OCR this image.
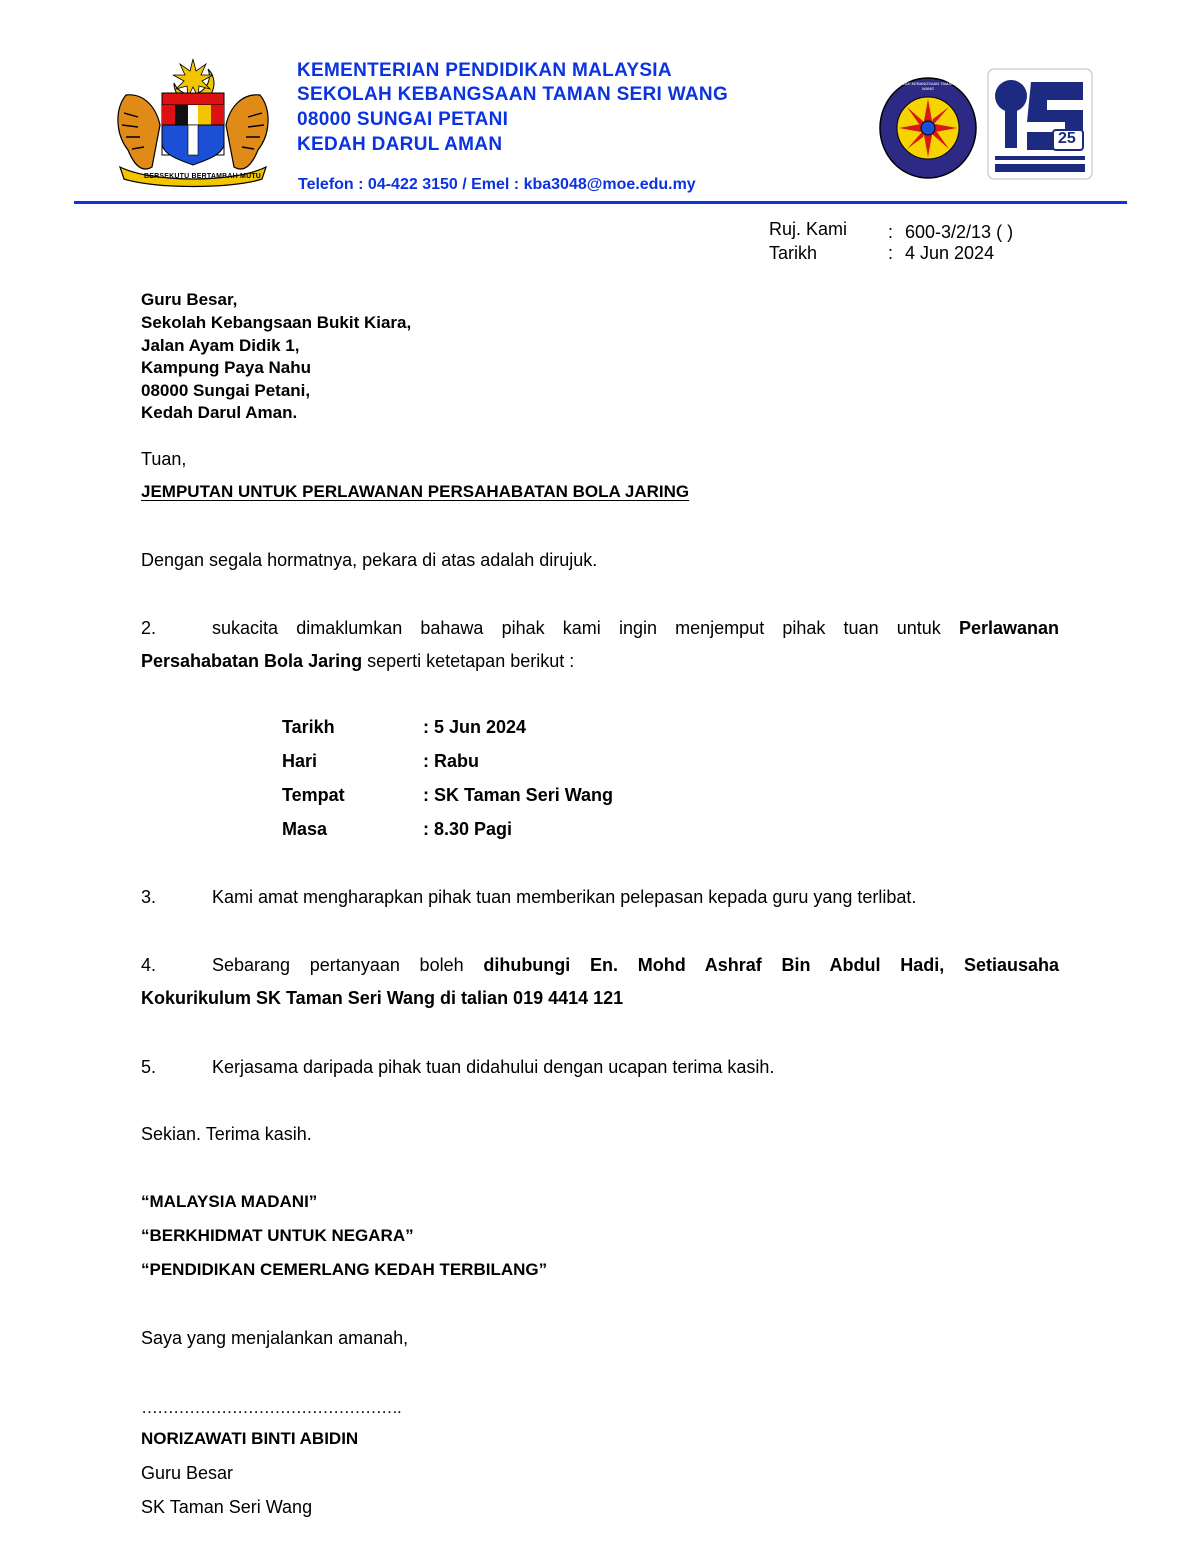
BERSEKUTU BERTAMBAH MUTU
SEKOLAH KEBANGSAAN TAMAN SERI WANG
25
KEMENTERIAN PENDIDIKAN MALAYSIA
SEKOLAH KEBANGSAAN TAMAN SERI WANG
08000 SUNGAI PETANI
KEDAH DARUL AMAN
Telefon : 04-422 3150 / Emel : kba3048@moe.edu.my
Ruj. Kami : 600-3/2/13 ( )
Tarikh	: 4 Jun 2024
Guru Besar,
Sekolah Kebangsaan Bukit Kiara,
Jalan Ayam Didik 1,
Kampung Paya Nahu
08000 Sungai Petani,
Kedah Darul Aman.
Tuan,
JEMPUTAN UNTUK PERLAWANAN PERSAHABATAN BOLA JARING
Dengan segala hormatnya, pekara di atas adalah dirujuk.
2.	sukacita dimaklumkan bahawa pihak kami ingin menjemput pihak tuan untuk Perlawanan
Persahabatan Bola Jaring seperti ketetapan berikut :
Tarikh	: 5 Jun 2024
Hari	: Rabu
Tempat	: SK Taman Seri Wang
Masa	: 8.30 Pagi
3.	Kami amat mengharapkan pihak tuan memberikan pelepasan kepada guru yang terlibat.
4.	Sebarang pertanyaan boleh dihubungi En. Mohd Ashraf Bin Abdul Hadi, Setiausaha
Kokurikulum SK Taman Seri Wang di talian 019 4414 121
5.	Kerjasama daripada pihak tuan didahului dengan ucapan terima kasih.
Sekian. Terima kasih.
“MALAYSIA MADANI”
“BERKHIDMAT UNTUK NEGARA”
“PENDIDIKAN CEMERLANG KEDAH TERBILANG”
Saya yang menjalankan amanah,
………………………………………….
NORIZAWATI BINTI ABIDIN
Guru Besar
SK Taman Seri Wang
